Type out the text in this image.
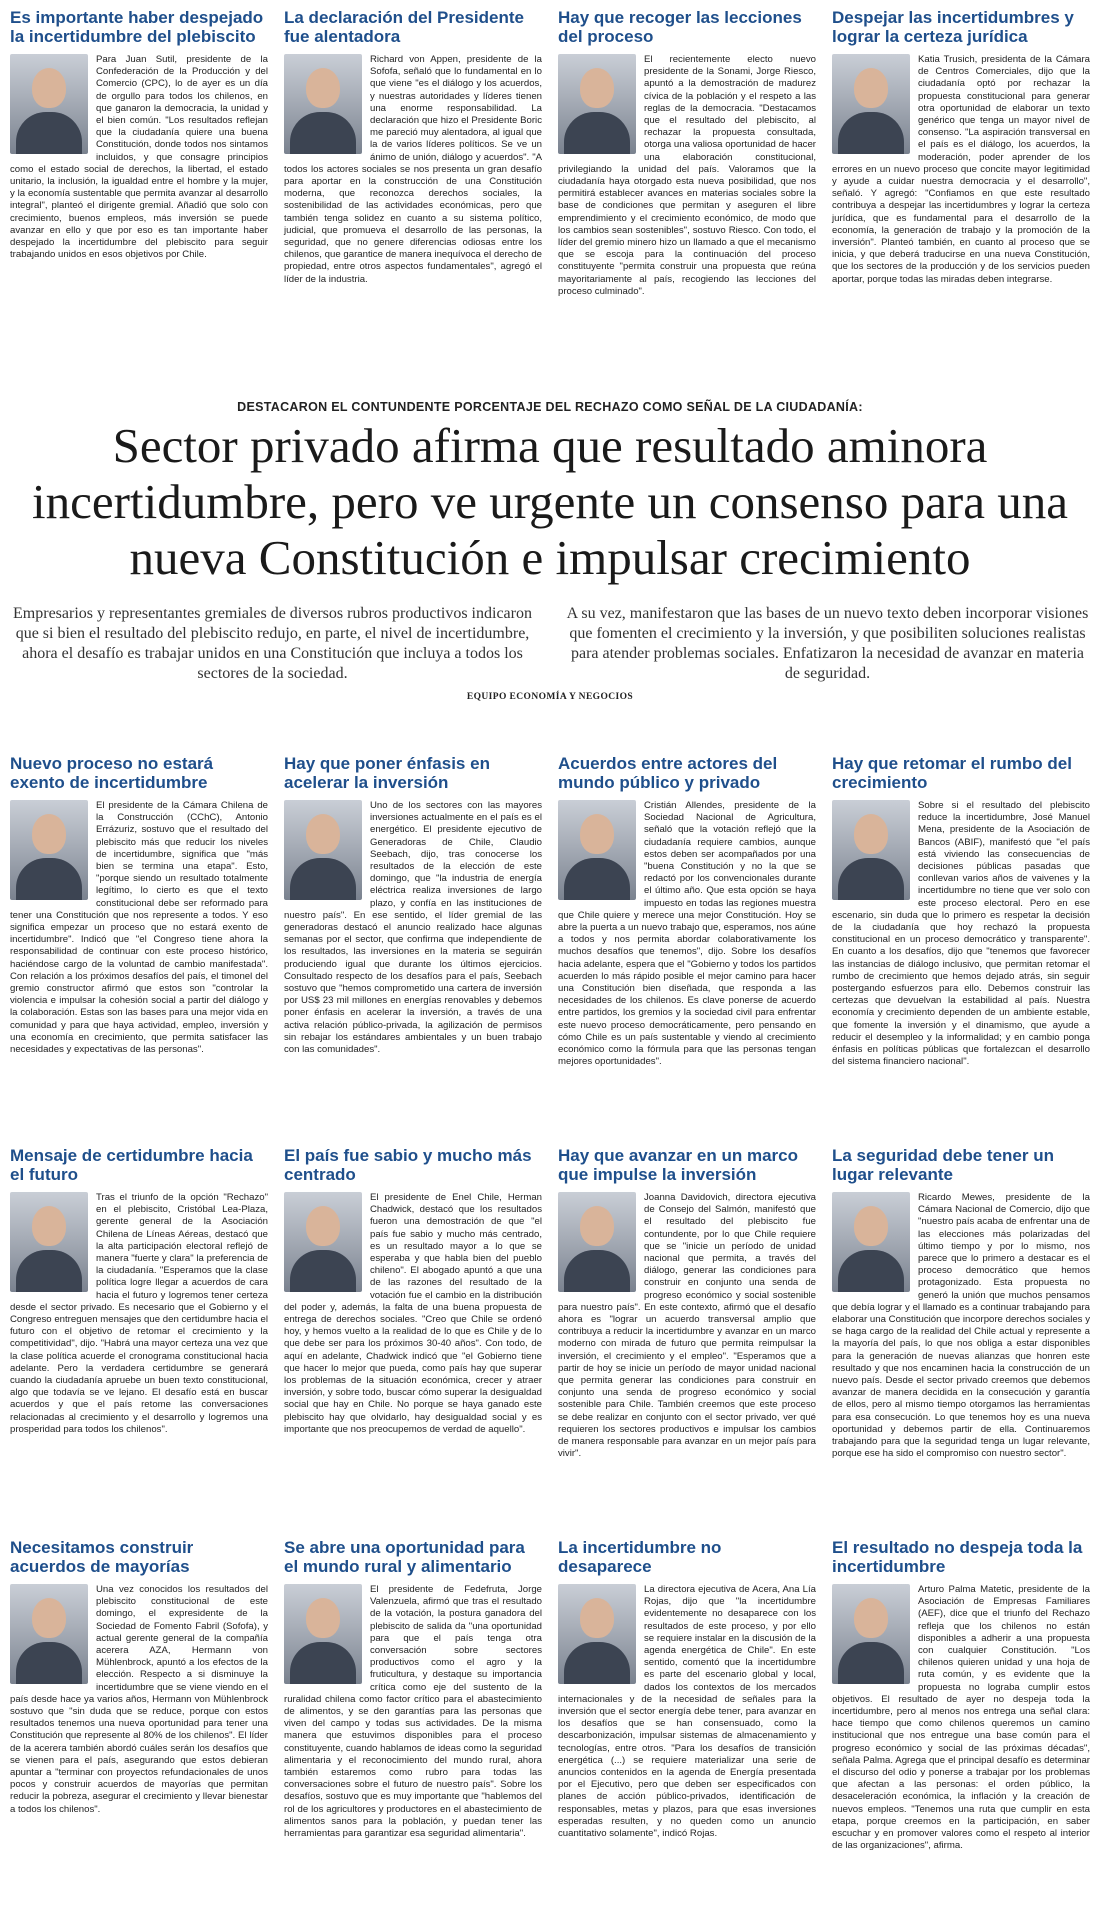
Es importante haber despejado la incertidumbre del plebiscito

Para Juan Sutil, presidente de la Confederación de la Producción y del Comercio (CPC), lo de ayer es un día de orgullo para todos los chilenos, en que ganaron la democracia, la unidad y el bien común. "Los resultados reflejan que la ciudadanía quiere una buena Constitución, donde todos nos sintamos incluidos, y que consagre principios como el estado social de derechos, la libertad, el estado unitario, la inclusión, la igualdad entre el hombre y la mujer, y la economía sustentable que permita avanzar al desarrollo integral", planteó el dirigente gremial. Añadió que solo con crecimiento, buenos empleos, más inversión se puede avanzar en ello y que por eso es tan importante haber despejado la incertidumbre del plebiscito para seguir trabajando unidos en esos objetivos por Chile.

La declaración del Presidente fue alentadora

Richard von Appen, presidente de la Sofofa, señaló que lo fundamental en lo que viene "es el diálogo y los acuerdos, y nuestras autoridades y líderes tienen una enorme responsabilidad. La declaración que hizo el Presidente Boric me pareció muy alentadora, al igual que la de varios líderes políticos. Se ve un ánimo de unión, diálogo y acuerdos". "A todos los actores sociales se nos presenta un gran desafío para aportar en la construcción de una Constitución moderna, que reconozca derechos sociales, la sostenibilidad de las actividades económicas, pero que también tenga solidez en cuanto a su sistema político, judicial, que promueva el desarrollo de las personas, la seguridad, que no genere diferencias odiosas entre los chilenos, que garantice de manera inequívoca el derecho de propiedad, entre otros aspectos fundamentales", agregó el líder de la industria.

Hay que recoger las lecciones del proceso

El recientemente electo nuevo presidente de la Sonami, Jorge Riesco, apuntó a la demostración de madurez cívica de la población y el respeto a las reglas de la democracia. "Destacamos que el resultado del plebiscito, al rechazar la propuesta consultada, otorga una valiosa oportunidad de hacer una elaboración constitucional, privilegiando la unidad del país. Valoramos que la ciudadanía haya otorgado esta nueva posibilidad, que nos permitirá establecer avances en materias sociales sobre la base de condiciones que permitan y aseguren el libre emprendimiento y el crecimiento económico, de modo que los cambios sean sostenibles", sostuvo Riesco. Con todo, el líder del gremio minero hizo un llamado a que el mecanismo que se escoja para la continuación del proceso constituyente "permita construir una propuesta que reúna mayoritariamente al país, recogiendo las lecciones del proceso culminado".

Despejar las incertidumbres y lograr la certeza jurídica

Katia Trusich, presidenta de la Cámara de Centros Comerciales, dijo que la ciudadanía optó por rechazar la propuesta constitucional para generar otra oportunidad de elaborar un texto genérico que tenga un mayor nivel de consenso. "La aspiración transversal en el país es el diálogo, los acuerdos, la moderación, poder aprender de los errores en un nuevo proceso que concite mayor legitimidad y ayude a cuidar nuestra democracia y el desarrollo", señaló. Y agregó: "Confiamos en que este resultado contribuya a despejar las incertidumbres y lograr la certeza jurídica, que es fundamental para el desarrollo de la economía, la generación de trabajo y la promoción de la inversión". Planteó también, en cuanto al proceso que se inicia, y que deberá traducirse en una nueva Constitución, que los sectores de la producción y de los servicios pueden aportar, porque todas las miradas deben integrarse.

DESTACARON EL CONTUNDENTE PORCENTAJE DEL RECHAZO COMO SEÑAL DE LA CIUDADANÍA:
Sector privado afirma que resultado aminora incertidumbre, pero ve urgente un consenso para una nueva Constitución e impulsar crecimiento

Empresarios y representantes gremiales de diversos rubros productivos indicaron que si bien el resultado del plebiscito redujo, en parte, el nivel de incertidumbre, ahora el desafío es trabajar unidos en una Constitución que incluya a todos los sectores de la sociedad.

A su vez, manifestaron que las bases de un nuevo texto deben incorporar visiones que fomenten el crecimiento y la inversión, y que posibiliten soluciones realistas para atender problemas sociales. Enfatizaron la necesidad de avanzar en materia de seguridad.

EQUIPO ECONOMÍA Y NEGOCIOS
Nuevo proceso no estará exento de incertidumbre

El presidente de la Cámara Chilena de la Construcción (CChC), Antonio Errázuriz, sostuvo que el resultado del plebiscito más que reducir los niveles de incertidumbre, significa que "más bien se termina una etapa". Esto, "porque siendo un resultado totalmente legítimo, lo cierto es que el texto constitucional debe ser reformado para tener una Constitución que nos represente a todos. Y eso significa empezar un proceso que no estará exento de incertidumbre". Indicó que "el Congreso tiene ahora la responsabilidad de continuar con este proceso histórico, haciéndose cargo de la voluntad de cambio manifestada". Con relación a los próximos desafíos del país, el timonel del gremio constructor afirmó que estos son "controlar la violencia e impulsar la cohesión social a partir del diálogo y la colaboración. Estas son las bases para una mejor vida en comunidad y para que haya actividad, empleo, inversión y una economía en crecimiento, que permita satisfacer las necesidades y expectativas de las personas".

Hay que poner énfasis en acelerar la inversión

Uno de los sectores con las mayores inversiones actualmente en el país es el energético. El presidente ejecutivo de Generadoras de Chile, Claudio Seebach, dijo, tras conocerse los resultados de la elección de este domingo, que "la industria de energía eléctrica realiza inversiones de largo plazo, y confía en las instituciones de nuestro país". En ese sentido, el líder gremial de las generadoras destacó el anuncio realizado hace algunas semanas por el sector, que confirma que independiente de los resultados, las inversiones en la materia se seguirán produciendo igual que durante los últimos ejercicios. Consultado respecto de los desafíos para el país, Seebach sostuvo que "hemos comprometido una cartera de inversión por US$ 23 mil millones en energías renovables y debemos poner énfasis en acelerar la inversión, a través de una activa relación público-privada, la agilización de permisos sin rebajar los estándares ambientales y un buen trabajo con las comunidades".

Acuerdos entre actores del mundo público y privado

Cristián Allendes, presidente de la Sociedad Nacional de Agricultura, señaló que la votación reflejó que la ciudadanía requiere cambios, aunque estos deben ser acompañados por una "buena Constitución y no la que se redactó por los convencionales durante el último año. Que esta opción se haya impuesto en todas las regiones muestra que Chile quiere y merece una mejor Constitución. Hoy se abre la puerta a un nuevo trabajo que, esperamos, nos aúne a todos y nos permita abordar colaborativamente los muchos desafíos que tenemos", dijo. Sobre los desafíos hacia adelante, espera que el "Gobierno y todos los partidos acuerden lo más rápido posible el mejor camino para hacer una Constitución bien diseñada, que responda a las necesidades de los chilenos. Es clave ponerse de acuerdo entre partidos, los gremios y la sociedad civil para enfrentar este nuevo proceso democráticamente, pero pensando en cómo Chile es un país sustentable y viendo al crecimiento económico como la fórmula para que las personas tengan mejores oportunidades".

Hay que retomar el rumbo del crecimiento

Sobre si el resultado del plebiscito reduce la incertidumbre, José Manuel Mena, presidente de la Asociación de Bancos (ABIF), manifestó que "el país está viviendo las consecuencias de decisiones públicas pasadas que conllevan varios años de vaivenes y la incertidumbre no tiene que ver solo con este proceso electoral. Pero en ese escenario, sin duda que lo primero es respetar la decisión de la ciudadanía que hoy rechazó la propuesta constitucional en un proceso democrático y transparente". En cuanto a los desafíos, dijo que "tenemos que favorecer las instancias de diálogo inclusivo, que permitan retomar el rumbo de crecimiento que hemos dejado atrás, sin seguir postergando esfuerzos para ello. Debemos construir las certezas que devuelvan la estabilidad al país. Nuestra economía y crecimiento dependen de un ambiente estable, que fomente la inversión y el dinamismo, que ayude a reducir el desempleo y la informalidad; y en cambio ponga énfasis en políticas públicas que fortalezcan el desarrollo del sistema financiero nacional".

Mensaje de certidumbre hacia el futuro

Tras el triunfo de la opción "Rechazo" en el plebiscito, Cristóbal Lea-Plaza, gerente general de la Asociación Chilena de Líneas Aéreas, destacó que la alta participación electoral reflejó de manera "fuerte y clara" la preferencia de la ciudadanía. "Esperamos que la clase política logre llegar a acuerdos de cara hacia el futuro y logremos tener certeza desde el sector privado. Es necesario que el Gobierno y el Congreso entreguen mensajes que den certidumbre hacia el futuro con el objetivo de retomar el crecimiento y la competitividad", dijo. "Habrá una mayor certeza una vez que la clase política acuerde el cronograma constitucional hacia adelante. Pero la verdadera certidumbre se generará cuando la ciudadanía apruebe un buen texto constitucional, algo que todavía se ve lejano. El desafío está en buscar acuerdos y que el país retome las conversaciones relacionadas al crecimiento y el desarrollo y logremos una prosperidad para todos los chilenos".

El país fue sabio y mucho más centrado

El presidente de Enel Chile, Herman Chadwick, destacó que los resultados fueron una demostración de que "el país fue sabio y mucho más centrado, es un resultado mayor a lo que se esperaba y que habla bien del pueblo chileno". El abogado apuntó a que una de las razones del resultado de la votación fue el cambio en la distribución del poder y, además, la falta de una buena propuesta de entrega de derechos sociales. "Creo que Chile se ordenó hoy, y hemos vuelto a la realidad de lo que es Chile y de lo que debe ser para los próximos 30-40 años". Con todo, de aquí en adelante, Chadwick indicó que "el Gobierno tiene que hacer lo mejor que pueda, como país hay que superar los problemas de la situación económica, crecer y atraer inversión, y sobre todo, buscar cómo superar la desigualdad social que hay en Chile. No porque se haya ganado este plebiscito hay que olvidarlo, hay desigualdad social y es importante que nos preocupemos de verdad de aquello".

Hay que avanzar en un marco que impulse la inversión

Joanna Davidovich, directora ejecutiva de Consejo del Salmón, manifestó que el resultado del plebiscito fue contundente, por lo que Chile requiere que se "inicie un período de unidad nacional que permita, a través del diálogo, generar las condiciones para construir en conjunto una senda de progreso económico y social sostenible para nuestro país". En este contexto, afirmó que el desafío ahora es "lograr un acuerdo transversal amplio que contribuya a reducir la incertidumbre y avanzar en un marco moderno con mirada de futuro que permita reimpulsar la inversión, el crecimiento y el empleo". "Esperamos que a partir de hoy se inicie un período de mayor unidad nacional que permita generar las condiciones para construir en conjunto una senda de progreso económico y social sostenible para Chile. También creemos que este proceso se debe realizar en conjunto con el sector privado, ver qué requieren los sectores productivos e impulsar los cambios de manera responsable para avanzar en un mejor país para vivir".

La seguridad debe tener un lugar relevante

Ricardo Mewes, presidente de la Cámara Nacional de Comercio, dijo que "nuestro país acaba de enfrentar una de las elecciones más polarizadas del último tiempo y por lo mismo, nos parece que lo primero a destacar es el proceso democrático que hemos protagonizado. Esta propuesta no generó la unión que muchos pensamos que debía lograr y el llamado es a continuar trabajando para elaborar una Constitución que incorpore derechos sociales y se haga cargo de la realidad del Chile actual y represente a la mayoría del país, lo que nos obliga a estar disponibles para la generación de nuevas alianzas que honren este resultado y que nos encaminen hacia la construcción de un nuevo país. Desde el sector privado creemos que debemos avanzar de manera decidida en la consecución y garantía de ellos, pero al mismo tiempo otorgamos las herramientas para esa consecución. Lo que tenemos hoy es una nueva oportunidad y debemos partir de ella. Continuaremos trabajando para que la seguridad tenga un lugar relevante, porque ese ha sido el compromiso con nuestro sector".

Necesitamos construir acuerdos de mayorías

Una vez conocidos los resultados del plebiscito constitucional de este domingo, el expresidente de la Sociedad de Fomento Fabril (Sofofa), y actual gerente general de la compañía acerera AZA, Hermann von Mühlenbrock, apuntó a los efectos de la elección. Respecto a si disminuye la incertidumbre que se viene viendo en el país desde hace ya varios años, Hermann von Mühlenbrock sostuvo que "sin duda que se reduce, porque con estos resultados tenemos una nueva oportunidad para tener una Constitución que represente al 80% de los chilenos". El líder de la acerera también abordó cuáles serán los desafíos que se vienen para el país, asegurando que estos debieran apuntar a "terminar con proyectos refundacionales de unos pocos y construir acuerdos de mayorías que permitan reducir la pobreza, asegurar el crecimiento y llevar bienestar a todos los chilenos".

Se abre una oportunidad para el mundo rural y alimentario

El presidente de Fedefruta, Jorge Valenzuela, afirmó que tras el resultado de la votación, la postura ganadora del plebiscito de salida da "una oportunidad para que el país tenga otra conversación sobre sectores productivos como el agro y la fruticultura, y destaque su importancia crítica como eje del sustento de la ruralidad chilena como factor crítico para el abastecimiento de alimentos, y se den garantías para las personas que viven del campo y todas sus actividades. De la misma manera que estuvimos disponibles para el proceso constituyente, cuando hablamos de ideas como la seguridad alimentaria y el reconocimiento del mundo rural, ahora también estaremos como rubro para todas las conversaciones sobre el futuro de nuestro país". Sobre los desafíos, sostuvo que es muy importante que "hablemos del rol de los agricultores y productores en el abastecimiento de alimentos sanos para la población, y puedan tener las herramientas para garantizar esa seguridad alimentaria".

La incertidumbre no desaparece

La directora ejecutiva de Acera, Ana Lía Rojas, dijo que "la incertidumbre evidentemente no desaparece con los resultados de este proceso, y por ello se requiere instalar en la discusión de la agenda energética de Chile". En este sentido, comentó que la incertidumbre es parte del escenario global y local, dados los contextos de los mercados internacionales y de la necesidad de señales para la inversión que el sector energía debe tener, para avanzar en los desafíos que se han consensuado, como la descarbonización, impulsar sistemas de almacenamiento y tecnologías, entre otros. "Para los desafíos de transición energética (...) se requiere materializar una serie de anuncios contenidos en la agenda de Energía presentada por el Ejecutivo, pero que deben ser especificados con planes de acción público-privados, identificación de responsables, metas y plazos, para que esas inversiones esperadas resulten, y no queden como un anuncio cuantitativo solamente", indicó Rojas.

El resultado no despeja toda la incertidumbre

Arturo Palma Matetic, presidente de la Asociación de Empresas Familiares (AEF), dice que el triunfo del Rechazo refleja que los chilenos no están disponibles a adherir a una propuesta con cualquier Constitución. "Los chilenos quieren unidad y una hoja de ruta común, y es evidente que la propuesta no lograba cumplir estos objetivos. El resultado de ayer no despeja toda la incertidumbre, pero al menos nos entrega una señal clara: hace tiempo que como chilenos queremos un camino institucional que nos entregue una base común para el progreso económico y social de las próximas décadas", señala Palma. Agrega que el principal desafío es determinar el discurso del odio y ponerse a trabajar por los problemas que afectan a las personas: el orden público, la desaceleración económica, la inflación y la creación de nuevos empleos. "Tenemos una ruta que cumplir en esta etapa, porque creemos en la participación, en saber escuchar y en promover valores como el respeto al interior de las organizaciones", afirma.
